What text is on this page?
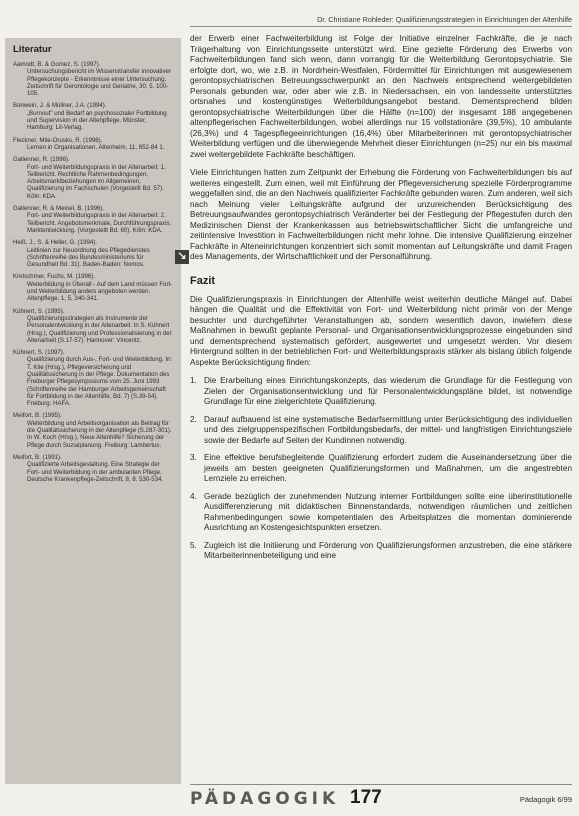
Dr. Christiane Rohleder: Qualifizierungsstrategien in Einrichtungen der Altenhilfe
Literatur
Aamodt, B. & Gomez, S. (1997).
Untersuchungsbericht im Wissenstransfer innovativer Pflegekonzepte - Erkenntnisse einer Untersuchung. Zeitschrift für Gerontologie und Geriatrie, 30, 5. 100-105.
Bonwein, J. & Müllner, J.A. (1994).
„Burnout" und Bedarf an psychosozialer Fortbildung und Supervision in der Altenpflege. Münster, Hamburg: Lit-Verlag.
Fleckner, Mlle-Orusks, R. (1996).
Lernen in Organisationen. Altenheim, 11, 852-84 1.
Gallenner, R. (1996).
Fort- und Weiterbildungspraxis in der Altenarbeit: 1. Teilbericht. Rechtliche Rahmenbedingungen, Arbeitsmarktbeziehungen im Allgemeinen, Qualifizierung im Fachschulen (Vorgestellt Bd. 57). Köln: KDA.
Gallenner, R. & Meinel, B. (1996).
Fort- und Weiterbildungspraxis in der Altenarbeit: 2. Teilbericht. Angebotsmerkmale, Durchführungspraxis, Marktentwicklung. (Vorgestellt Bd. 60). Köln: KDA.
Heiß, J., S. & Heller, G. (1994).
Leitlinien zur Neuordnung des Pflegedienstes (Schriftenreihe des Bundesministeriums für Gesundheit Bd. 31). Baden-Baden: Nomos.
Kretschmer, Fuchs, M. (1996).
Weiterbildung in Überall - Auf dem Land müssen Fort- und Weiterbildung anders angeboten werden. Altenpflege, 1, 5, 340-341.
Kühnert, S. (1995).
Qualifizierungsstrategien als Instrumente der Personalentwicklung in der Altenarbeit. In S. Kühnert (Hrsg.), Qualifizierung und Professionalisierung in der Altenarbeit (S.17-57). Hannover: Vincentz.
Kühnert, S. (1997).
Qualifizierung durch Aus-, Fort- und Weiterbildung. In: T. Klie (Hrsg.), Pflegeversicherung und Qualitätssicherung in der Pflege. Dokumentation des Freiburger Pflegesymposiums vom 25. Juni 1993 (Schriftenreihe der Hamburger Arbeitsgemeinschaft für Fortbildung in der Altenhilfe, Bd. 7) (S.39-54). Freiburg: HAFA.
Meifort, B. (1995).
Weiterbildung und Arbeitsorganisation als Beitrag für die Qualitätssicherung in der Altenpflege (S.287-301). In W. Koch (Hrsg.), Neue Altenhilfe? Sicherung der Pflege durch Sozialplanung. Freiburg: Lambertus.
Meifort, B. (1991).
Qualifizierte Arbeitsgestaltung. Eine Strategie der Fort- und Weiterbildung in der ambulanten Pflege. Deutsche Krankenpflege-Zeitschrift, 8, 8. 530-534.
↘

der Erwerb einer Fachweiterbildung ist Folge der Initiative einzelner Fachkräfte, die je nach Trägerhaltung von Einrichtungsseite unterstützt wird. Eine gezielte Förderung des Erwerbs von Fachweiterbildungen fand sich wenn, dann vorrangig für die Weiterbildung Gerontopsychiatrie. Sie erfolgte dort, wo, wie z.B. in Nordrhein-Westfalen, Fördermittel für Einrichtungen mit ausgewiesenem gerontopsychiatrischen Betreuungsschwerpunkt an den Nachweis entsprechend weitergebildeten Personals gebunden war, oder aber wie z.B. in Niedersachsen, ein von landesseite unterstütztes ortsnahes und kostengünstiges Weiterbildungsangebot bestand. Dementsprechend bilden gerontopsychiatrische Weiterbildungen über die Hälfte (n=100) der insgesamt 188 angegebenen altenpflegerischen Fachweiterbildungen, wobei allerdings nur 15 vollstationäre (39,5%), 10 ambulante (26,3%) und 4 Tagespflegeeinrichtungen (16,4%) über Mitarbeiterinnen mit gerontopsychiatrischer Weiterbildung verfügen und die überwiegende Mehrheit dieser Einrichtungen (n=25) nur ein bis maximal zwei weitergebildete Fachkräfte beschäftigen.

Viele Einrichtungen hatten zum Zeitpunkt der Erhebung die Förderung von Fachweiterbildungen bis auf weiteres eingestellt. Zum einen, weil mit Einführung der Pflegeversicherung spezielle Förderprogramme weggefallen sind, die an den Nachweis qualifizierter Fachkräfte gebunden waren. Zum anderen, weil sich nach Meinung vieler Leitungskräfte aufgrund der unzureichenden Berücksichtigung des Betreuungsaufwandes gerontopsychiatrisch Veränderter bei der Festlegung der Pflegestufen durch den Medizinischen Dienst der Krankenkassen aus betriebswirtschaftlicher Sicht die umfangreiche und zeitintensive Investition in Fachweiterbildungen nicht mehr lohne. Die intensive Qualifizierung einzelner Fachkräfte in Alteneinrichtungen konzentriert sich somit momentan auf Leitungskräfte und damit Fragen des Managements, der Wirtschaftlichkeit und der Personalführung.

Fazit

Die Qualifizierungspraxis in Einrichtungen der Altenhilfe weist weiterhin deutliche Mängel auf. Dabei hängen die Qualität und die Effektivität von Fort- und Weiterbildung nicht primär von der Menge besuchter und durchgeführter Veranstaltungen ab, sondern wesentlich davon, inwiefern diese Maßnahmen in bewußt geplante Personal- und Organisationsentwicklungsprozesse eingebunden sind und dementsprechend systematisch gefördert, ausgewertet und umgesetzt werden. Vor diesem Hintergrund sollten in der betrieblichen Fort- und Weiterbildungspraxis stärker als bislang üblich folgende Aspekte Berücksichtigung finden:

1. Die Erarbeitung eines Einrichtungskonzepts, das wiederum die Grundlage für die Festlegung von Zielen der Organisationsentwicklung und für Personalentwicklungspläne bildet, ist notwendige Grundlage für eine zielgerichtete Qualifizierung.
2. Darauf aufbauend ist eine systematische Bedarfsermittlung unter Berücksichtigung des individuellen und des zielgruppenspezifischen Fortbildungsbedarfs, der mittel- und langfristigen Einrichtungsziele sowie der Bedarfe auf Seiten der Kundinnen notwendig.
3. Eine effektive berufsbegleitende Qualifizierung erfordert zudem die Auseinandersetzung über die jeweils am besten geeigneten Qualifizierungsformen und Maßnahmen, um die angestrebten Lernziele zu erreichen.
4. Gerade bezüglich der zunehmenden Nutzung interner Fortbildungen sollte eine überinstitutionelle Ausdifferenzierung mit didaktischen Binnenstandards, notwendigen räumlichen und zeitlichen Rahmenbedingungen sowie kompetentialen des Arbeitsplatzes die momentan dominierende Ausrichtung an Kostengesichtspunkten ersetzen.
5. Zugleich ist die Initiierung und Förderung von Qualifizierungsformen anzustreben, die eine stärkere Mitarbeiterinnenbeteiligung und eine
PÄDAGOGIK 177	Pädagogik 6/99
